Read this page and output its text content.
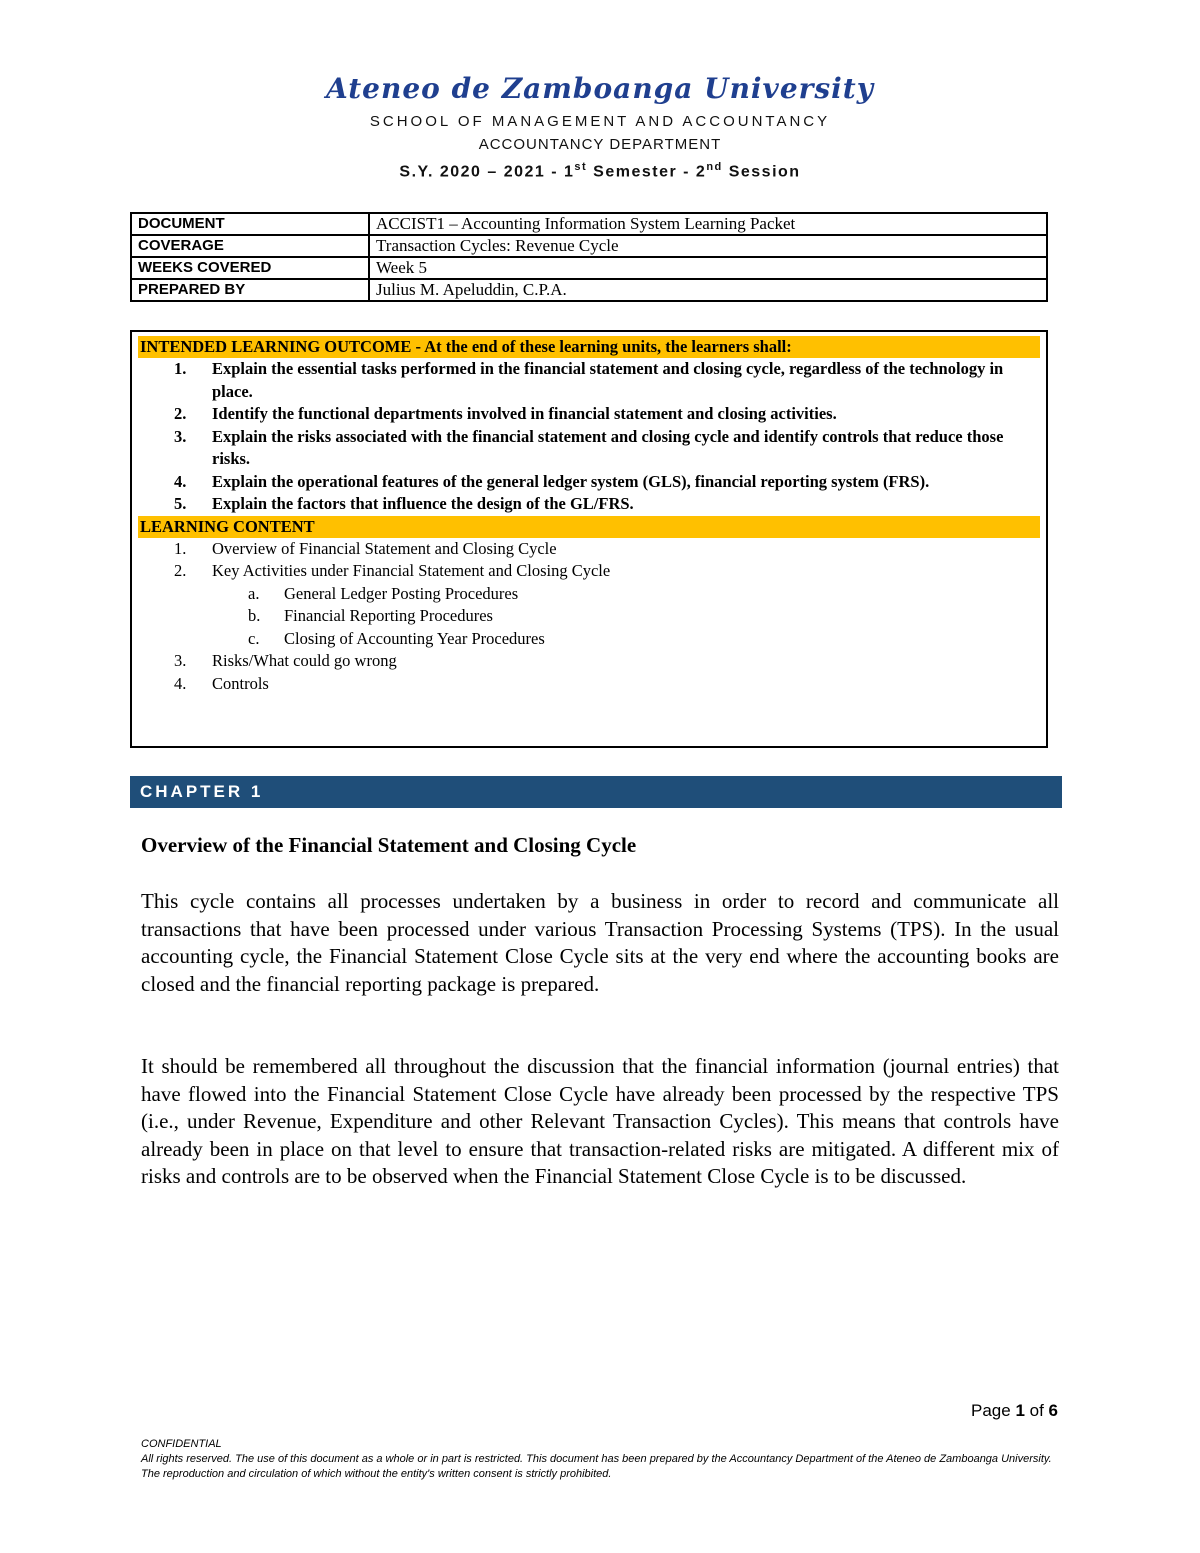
Ateneo de Zamboanga University
SCHOOL OF MANAGEMENT AND ACCOUNTANCY
ACCOUNTANCY DEPARTMENT
S.Y. 2020 – 2021 - 1st Semester - 2nd Session
DOCUMENT	ACCIST1 – Accounting Information System Learning Packet
COVERAGE	Transaction Cycles: Revenue Cycle
WEEKS COVERED	Week 5
PREPARED BY	Julius M. Apeluddin, C.P.A.
INTENDED LEARNING OUTCOME - At the end of these learning units, the learners shall:
1.	Explain the essential tasks performed in the financial statement and closing cycle, regardless of the technology in place.
2.	Identify the functional departments involved in financial statement and closing activities.
3.	Explain the risks associated with the financial statement and closing cycle and identify controls that reduce those risks.
4.	Explain the operational features of the general ledger system (GLS), financial reporting system (FRS).
5.	Explain the factors that influence the design of the GL/FRS.
LEARNING CONTENT
1.	Overview of Financial Statement and Closing Cycle
2.	Key Activities under Financial Statement and Closing Cycle
a.	General Ledger Posting Procedures
b.	Financial Reporting Procedures
c.	Closing of Accounting Year Procedures
3.	Risks/What could go wrong
4.	Controls
CHAPTER 1
Overview of the Financial Statement and Closing Cycle
This cycle contains all processes undertaken by a business in order to record and communicate all transactions that have been processed under various Transaction Processing Systems (TPS). In the usual accounting cycle, the Financial Statement Close Cycle sits at the very end where the accounting books are closed and the financial reporting package is prepared.
It should be remembered all throughout the discussion that the financial information (journal entries) that have flowed into the Financial Statement Close Cycle have already been processed by the respective TPS (i.e., under Revenue, Expenditure and other Relevant Transaction Cycles). This means that controls have already been in place on that level to ensure that transaction-related risks are mitigated. A different mix of risks and controls are to be observed when the Financial Statement Close Cycle is to be discussed.
Page 1 of 6
CONFIDENTIAL
All rights reserved. The use of this document as a whole or in part is restricted. This document has been prepared by the Accountancy Department of the Ateneo de Zamboanga University. The reproduction and circulation of which without the entity's written consent is strictly prohibited.
